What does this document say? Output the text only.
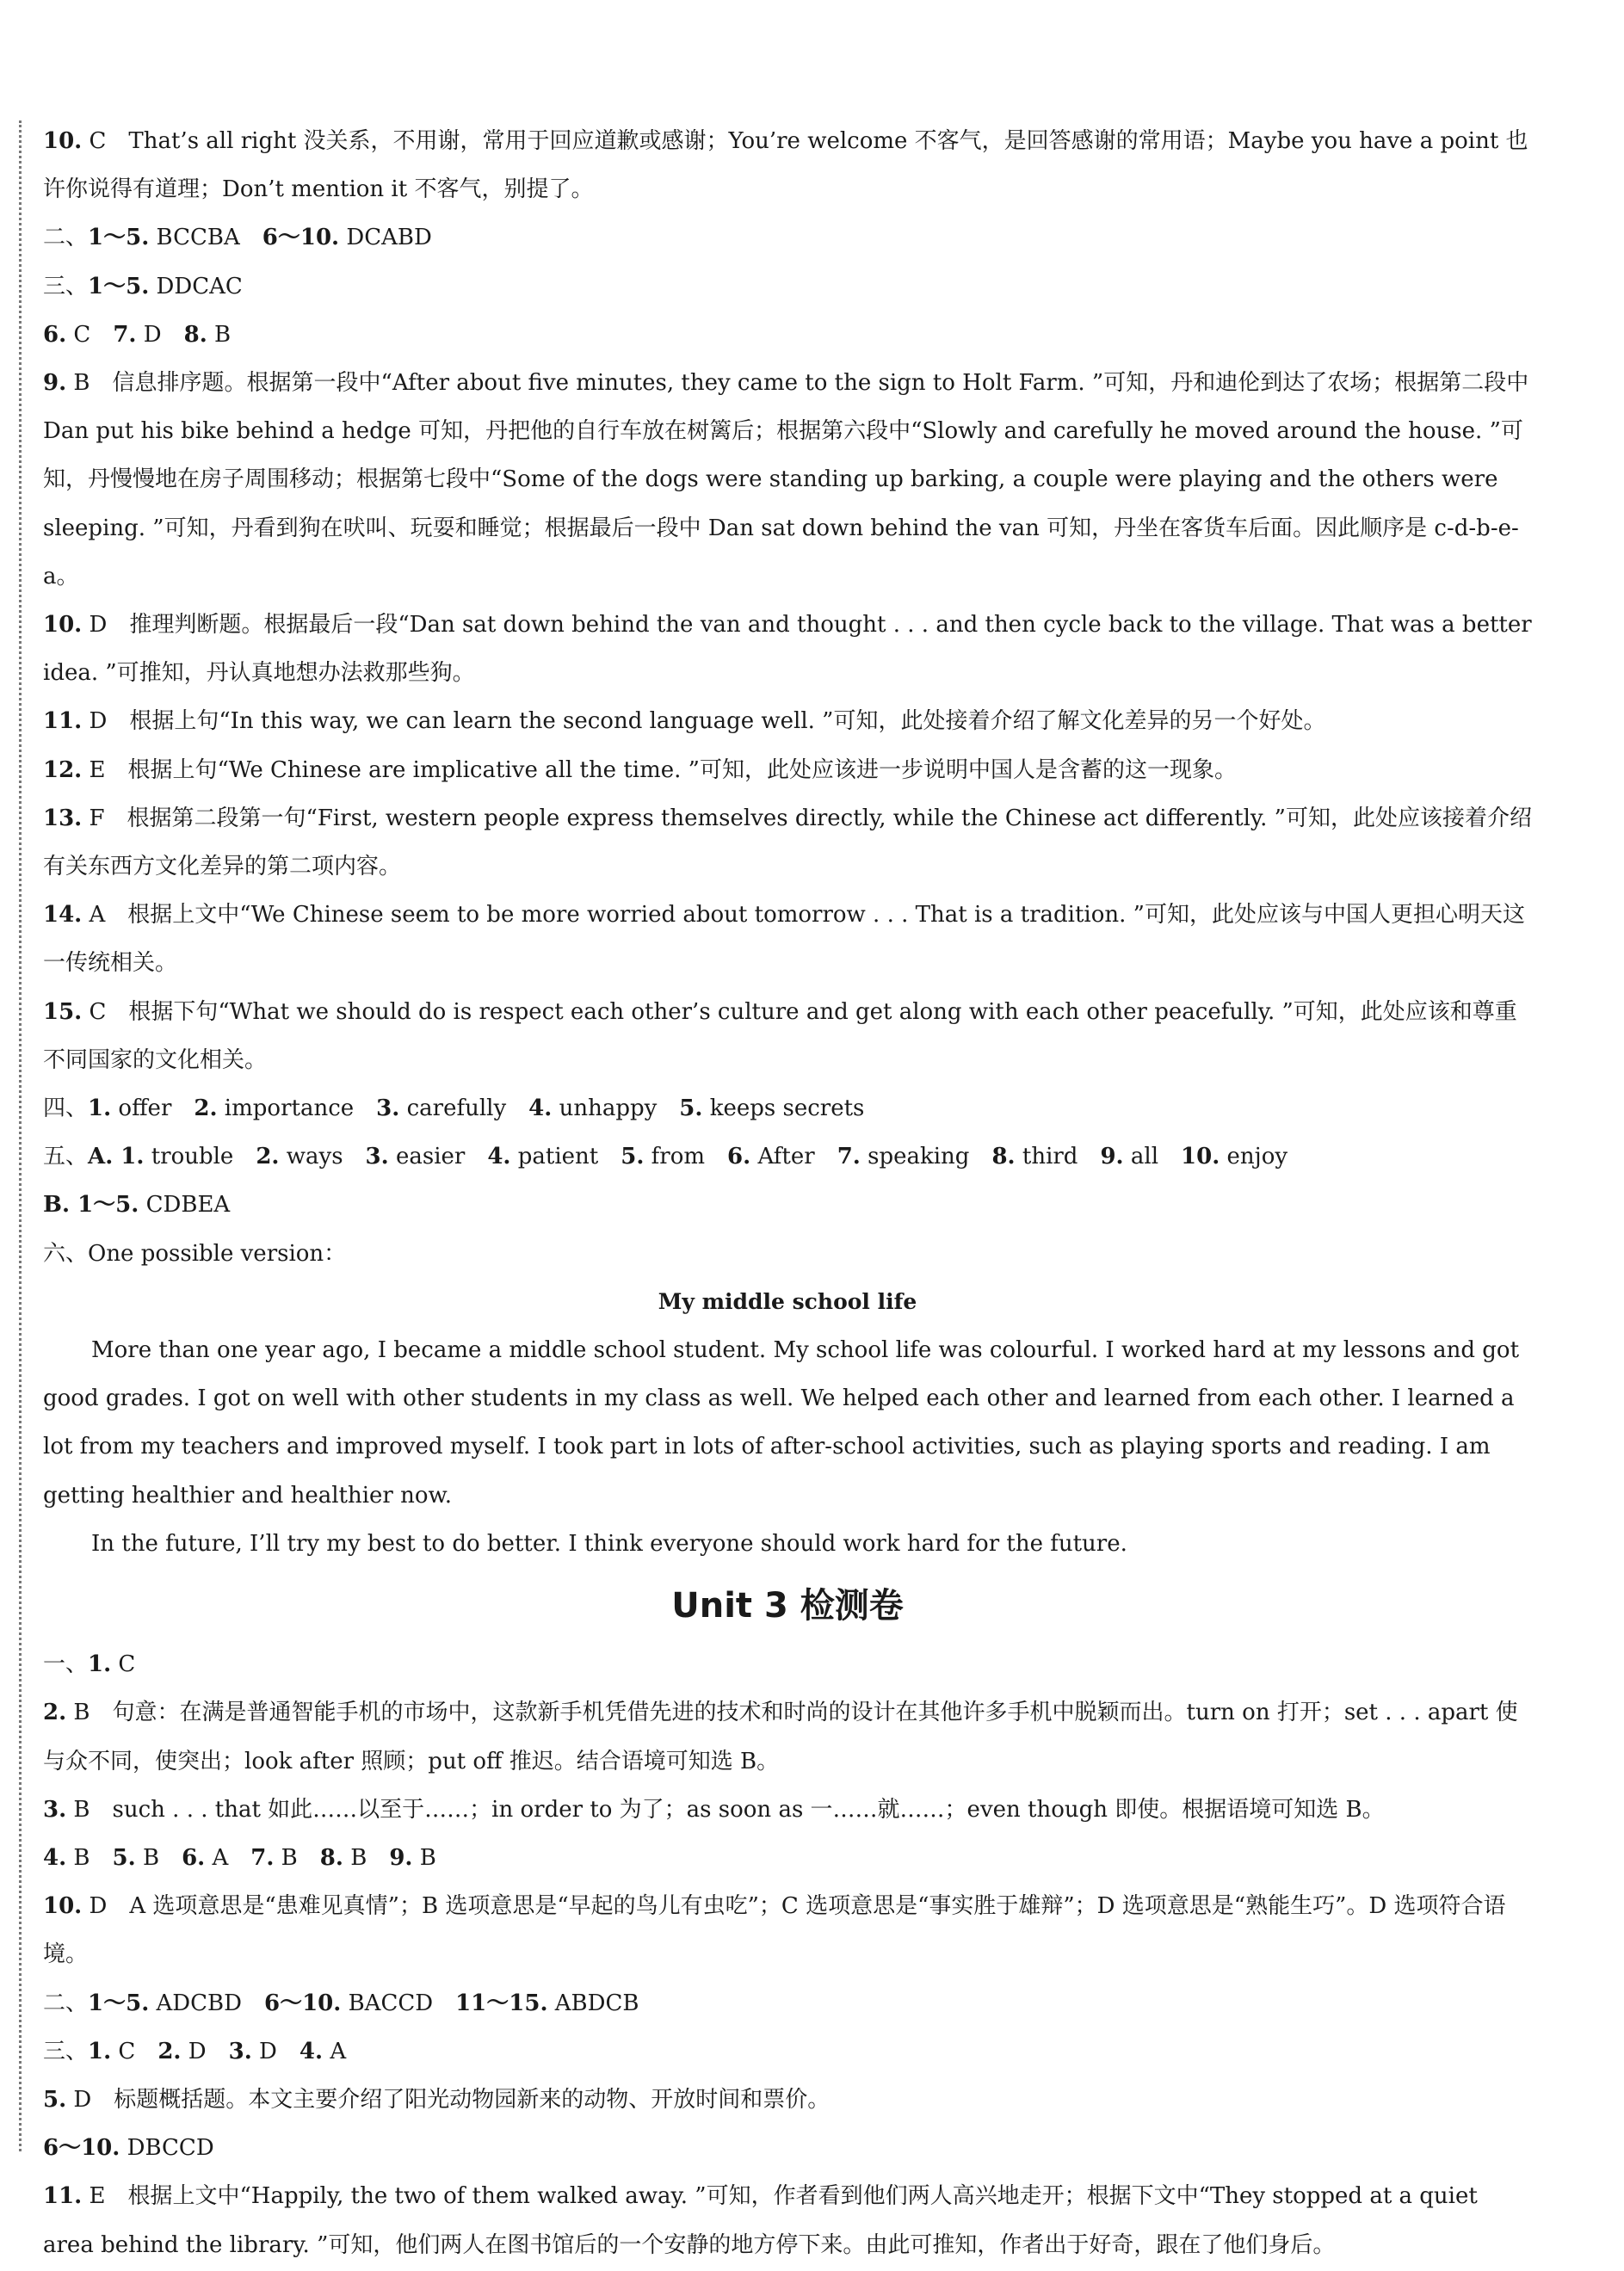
10. C　That’s all right 没关系，不用谢，常用于回应道歉或感谢；You’re welcome 不客气，是回答感谢的常用语；Maybe you have a point 也许你说得有道理；Don’t mention it 不客气，别提了。

二、1～5. BCCBA　6～10. DCABD

三、1～5. DDCAC

6. C　7. D　8. B

9. B　信息排序题。根据第一段中“After about five minutes, they came to the sign to Holt Farm. ”可知，丹和迪伦到达了农场；根据第二段中 Dan put his bike behind a hedge 可知，丹把他的自行车放在树篱后；根据第六段中“Slowly and carefully he moved around the house. ”可知，丹慢慢地在房子周围移动；根据第七段中“Some of the dogs were standing up barking, a couple were playing and the others were sleeping. ”可知，丹看到狗在吠叫、玩耍和睡觉；根据最后一段中 Dan sat down behind the van 可知，丹坐在客货车后面。因此顺序是 c-d-b-e-a。

10. D　推理判断题。根据最后一段“Dan sat down behind the van and thought . . . and then cycle back to the village. That was a better idea. ”可推知，丹认真地想办法救那些狗。

11. D　根据上句“In this way, we can learn the second language well. ”可知，此处接着介绍了解文化差异的另一个好处。

12. E　根据上句“We Chinese are implicative all the time. ”可知，此处应该进一步说明中国人是含蓄的这一现象。

13. F　根据第二段第一句“First, western people express themselves directly, while the Chinese act differently. ”可知，此处应该接着介绍有关东西方文化差异的第二项内容。

14. A　根据上文中“We Chinese seem to be more worried about tomorrow . . . That is a tradition. ”可知，此处应该与中国人更担心明天这一传统相关。

15. C　根据下句“What we should do is respect each other’s culture and get along with each other peacefully. ”可知，此处应该和尊重不同国家的文化相关。

四、1. offer　2. importance　3. carefully　4. unhappy　5. keeps secrets

五、A. 1. trouble　2. ways　3. easier　4. patient　5. from　6. After　7. speaking　8. third　9. all　10. enjoy

B. 1～5. CDBEA

六、One possible version：

My middle school life

More than one year ago, I became a middle school student. My school life was colourful. I worked hard at my lessons and got good grades. I got on well with other students in my class as well. We helped each other and learned from each other. I learned a lot from my teachers and improved myself. I took part in lots of after-school activities, such as playing sports and reading. I am getting healthier and healthier now.

In the future, I’ll try my best to do better. I think everyone should work hard for the future.

Unit 3 检测卷

一、1. C

2. B　句意：在满是普通智能手机的市场中，这款新手机凭借先进的技术和时尚的设计在其他许多手机中脱颖而出。turn on 打开；set . . . apart 使与众不同，使突出；look after 照顾；put off 推迟。结合语境可知选 B。

3. B　such . . . that 如此……以至于……；in order to 为了；as soon as 一……就……；even though 即使。根据语境可知选 B。

4. B　5. B　6. A　7. B　8. B　9. B

10. D　A 选项意思是“患难见真情”；B 选项意思是“早起的鸟儿有虫吃”；C 选项意思是“事实胜于雄辩”；D 选项意思是“熟能生巧”。D 选项符合语境。

二、1～5. ADCBD　6～10. BACCD　11～15. ABDCB

三、1. C　2. D　3. D　4. A

5. D　标题概括题。本文主要介绍了阳光动物园新来的动物、开放时间和票价。

6～10. DBCCD

11. E　根据上文中“Happily, the two of them walked away. ”可知，作者看到他们两人高兴地走开；根据下文中“They stopped at a quiet area behind the library. ”可知，他们两人在图书馆后的一个安静的地方停下来。由此可推知，作者出于好奇，跟在了他们身后。
